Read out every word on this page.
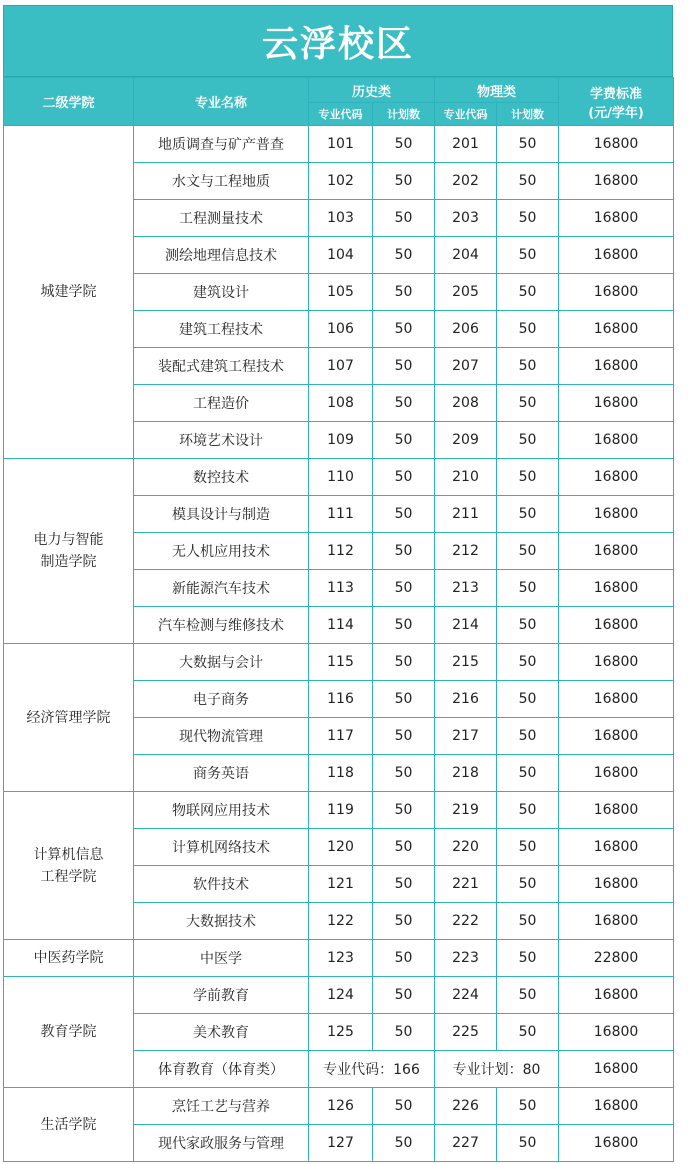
云浮校区
二级学院	专业名称	历史类		物理类		学费标准
(元/学年)

		专业代码	计划数	专业代码	计划数	

城建学院	地质调查与矿产普查	101	50	201	50	16800
	水文与工程地质	102	50	202	50	16800
	工程测量技术	103	50	203	50	16800
	测绘地理信息技术	104	50	204	50	16800
	建筑设计	105	50	205	50	16800
	建筑工程技术	106	50	206	50	16800
	装配式建筑工程技术	107	50	207	50	16800
	工程造价	108	50	208	50	16800
	环境艺术设计	109	50	209	50	16800

电力与智能
制造学院	数控技术	110	50	210	50	16800
	模具设计与制造	111	50	211	50	16800
	无人机应用技术	112	50	212	50	16800
	新能源汽车技术	113	50	213	50	16800
	汽车检测与维修技术	114	50	214	50	16800

经济管理学院	大数据与会计	115	50	215	50	16800
	电子商务	116	50	216	50	16800
	现代物流管理	117	50	217	50	16800
	商务英语	118	50	218	50	16800

计算机信息
工程学院	物联网应用技术	119	50	219	50	16800
	计算机网络技术	120	50	220	50	16800
	软件技术	121	50	221	50	16800
	大数据技术	122	50	222	50	16800

中医药学院	中医学	123	50	223	50	22800

教育学院	学前教育	124	50	224	50	16800
	美术教育	125	50	225	50	16800
	体育教育（体育类）	专业代码：166		专业计划：80		16800

生活学院	烹饪工艺与营养	126	50	226	50	16800
	现代家政服务与管理	127	50	227	50	16800
